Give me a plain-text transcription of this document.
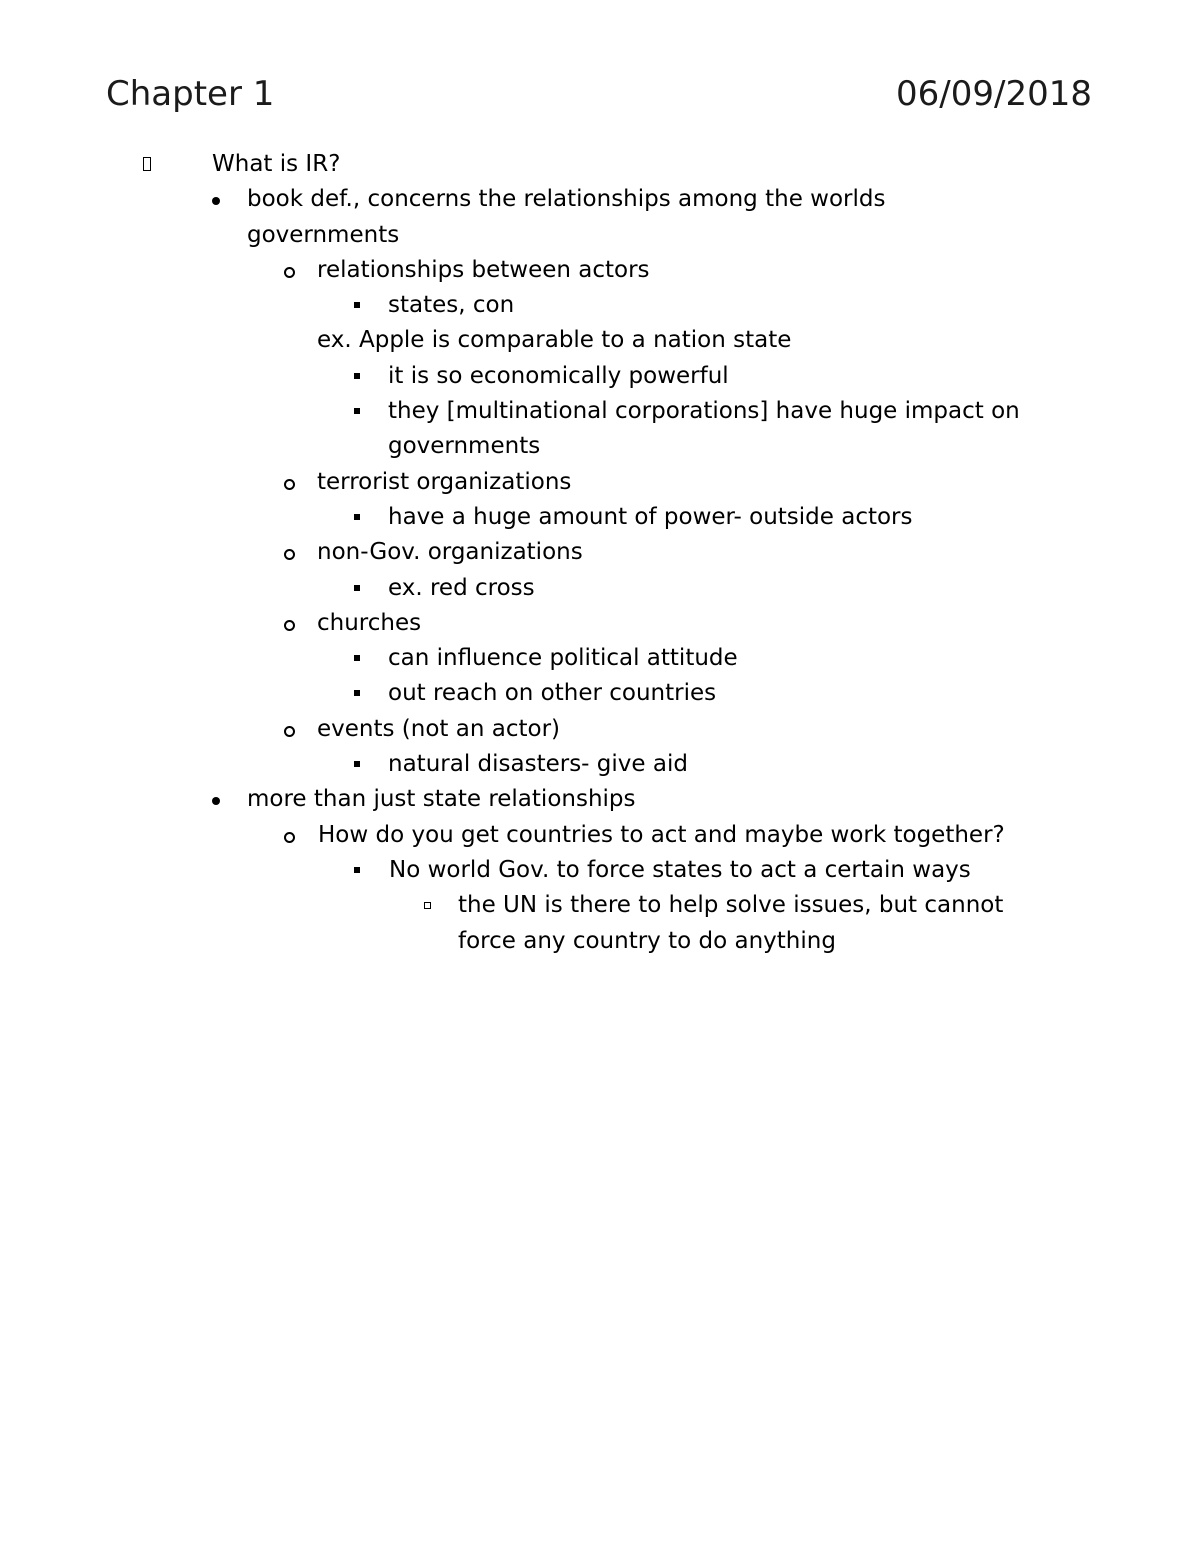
Chapter 1	06/09/2018
What is IR?
book def., concerns the relationships among the worlds
governments
relationships between actors
states, con
ex. Apple is comparable to a nation state
it is so economically powerful
they [multinational corporations] have huge impact on
governments
terrorist organizations
have a huge amount of power- outside actors
non-Gov. organizations
ex. red cross
churches
can influence political attitude
out reach on other countries
events (not an actor)
natural disasters- give aid
more than just state relationships
How do you get countries to act and maybe work together?
No world Gov. to force states to act a certain ways
the UN is there to help solve issues, but cannot
force any country to do anything
